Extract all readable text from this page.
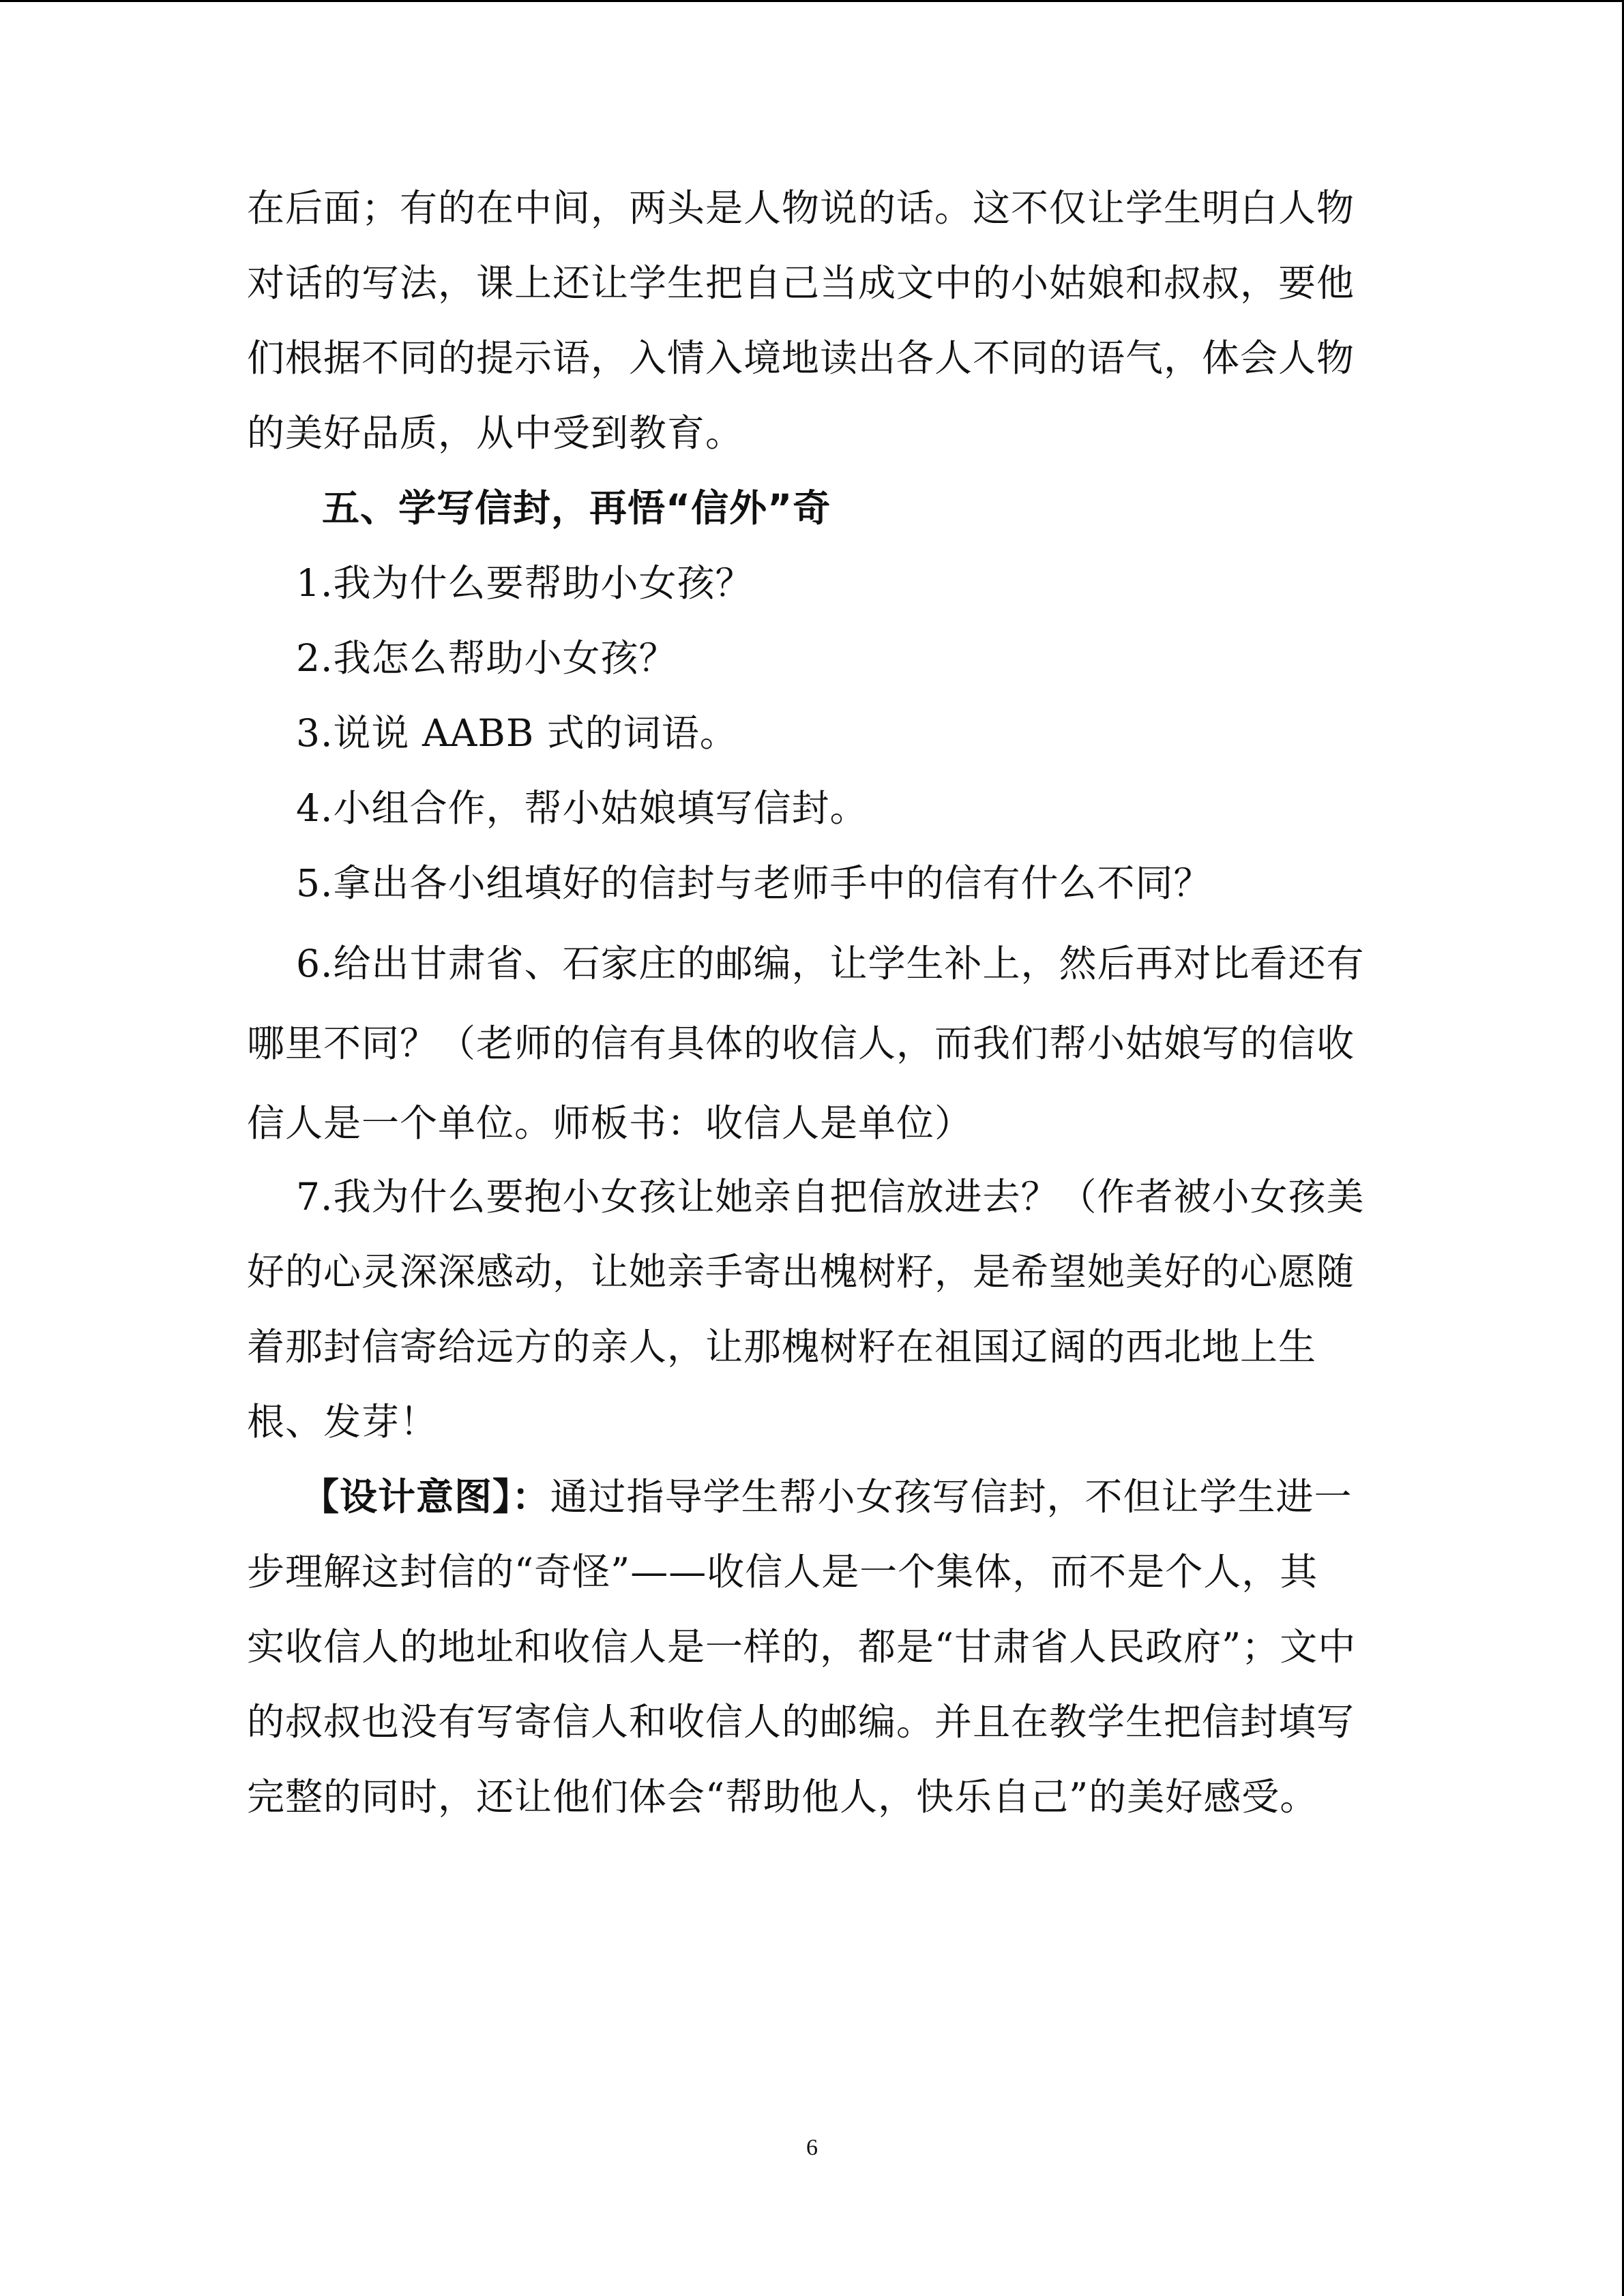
在后面；有的在中间，两头是人物说的话。这不仅让学生明白人物
对话的写法，课上还让学生把自己当成文中的小姑娘和叔叔，要他
们根据不同的提示语，入情入境地读出各人不同的语气，体会人物
的美好品质，从中受到教育。
五、学写信封，再悟“信外”奇
1.我为什么要帮助小女孩？
2.我怎么帮助小女孩？
3.说说 AABB 式的词语。
4.小组合作，帮小姑娘填写信封。
5.拿出各小组填好的信封与老师手中的信有什么不同？
6.给出甘肃省、石家庄的邮编，让学生补上，然后再对比看还有
哪里不同？（老师的信有具体的收信人，而我们帮小姑娘写的信收
信人是一个单位。师板书：收信人是单位）
7.我为什么要抱小女孩让她亲自把信放进去？（作者被小女孩美
好的心灵深深感动，让她亲手寄出槐树籽，是希望她美好的心愿随
着那封信寄给远方的亲人，让那槐树籽在祖国辽阔的西北地上生
根、发芽！
【设计意图】：通过指导学生帮小女孩写信封，不但让学生进一
步理解这封信的“奇怪”——收信人是一个集体，而不是个人，其
实收信人的地址和收信人是一样的，都是“甘肃省人民政府”；文中
的叔叔也没有写寄信人和收信人的邮编。并且在教学生把信封填写
完整的同时，还让他们体会“帮助他人，快乐自己”的美好感受。
6
